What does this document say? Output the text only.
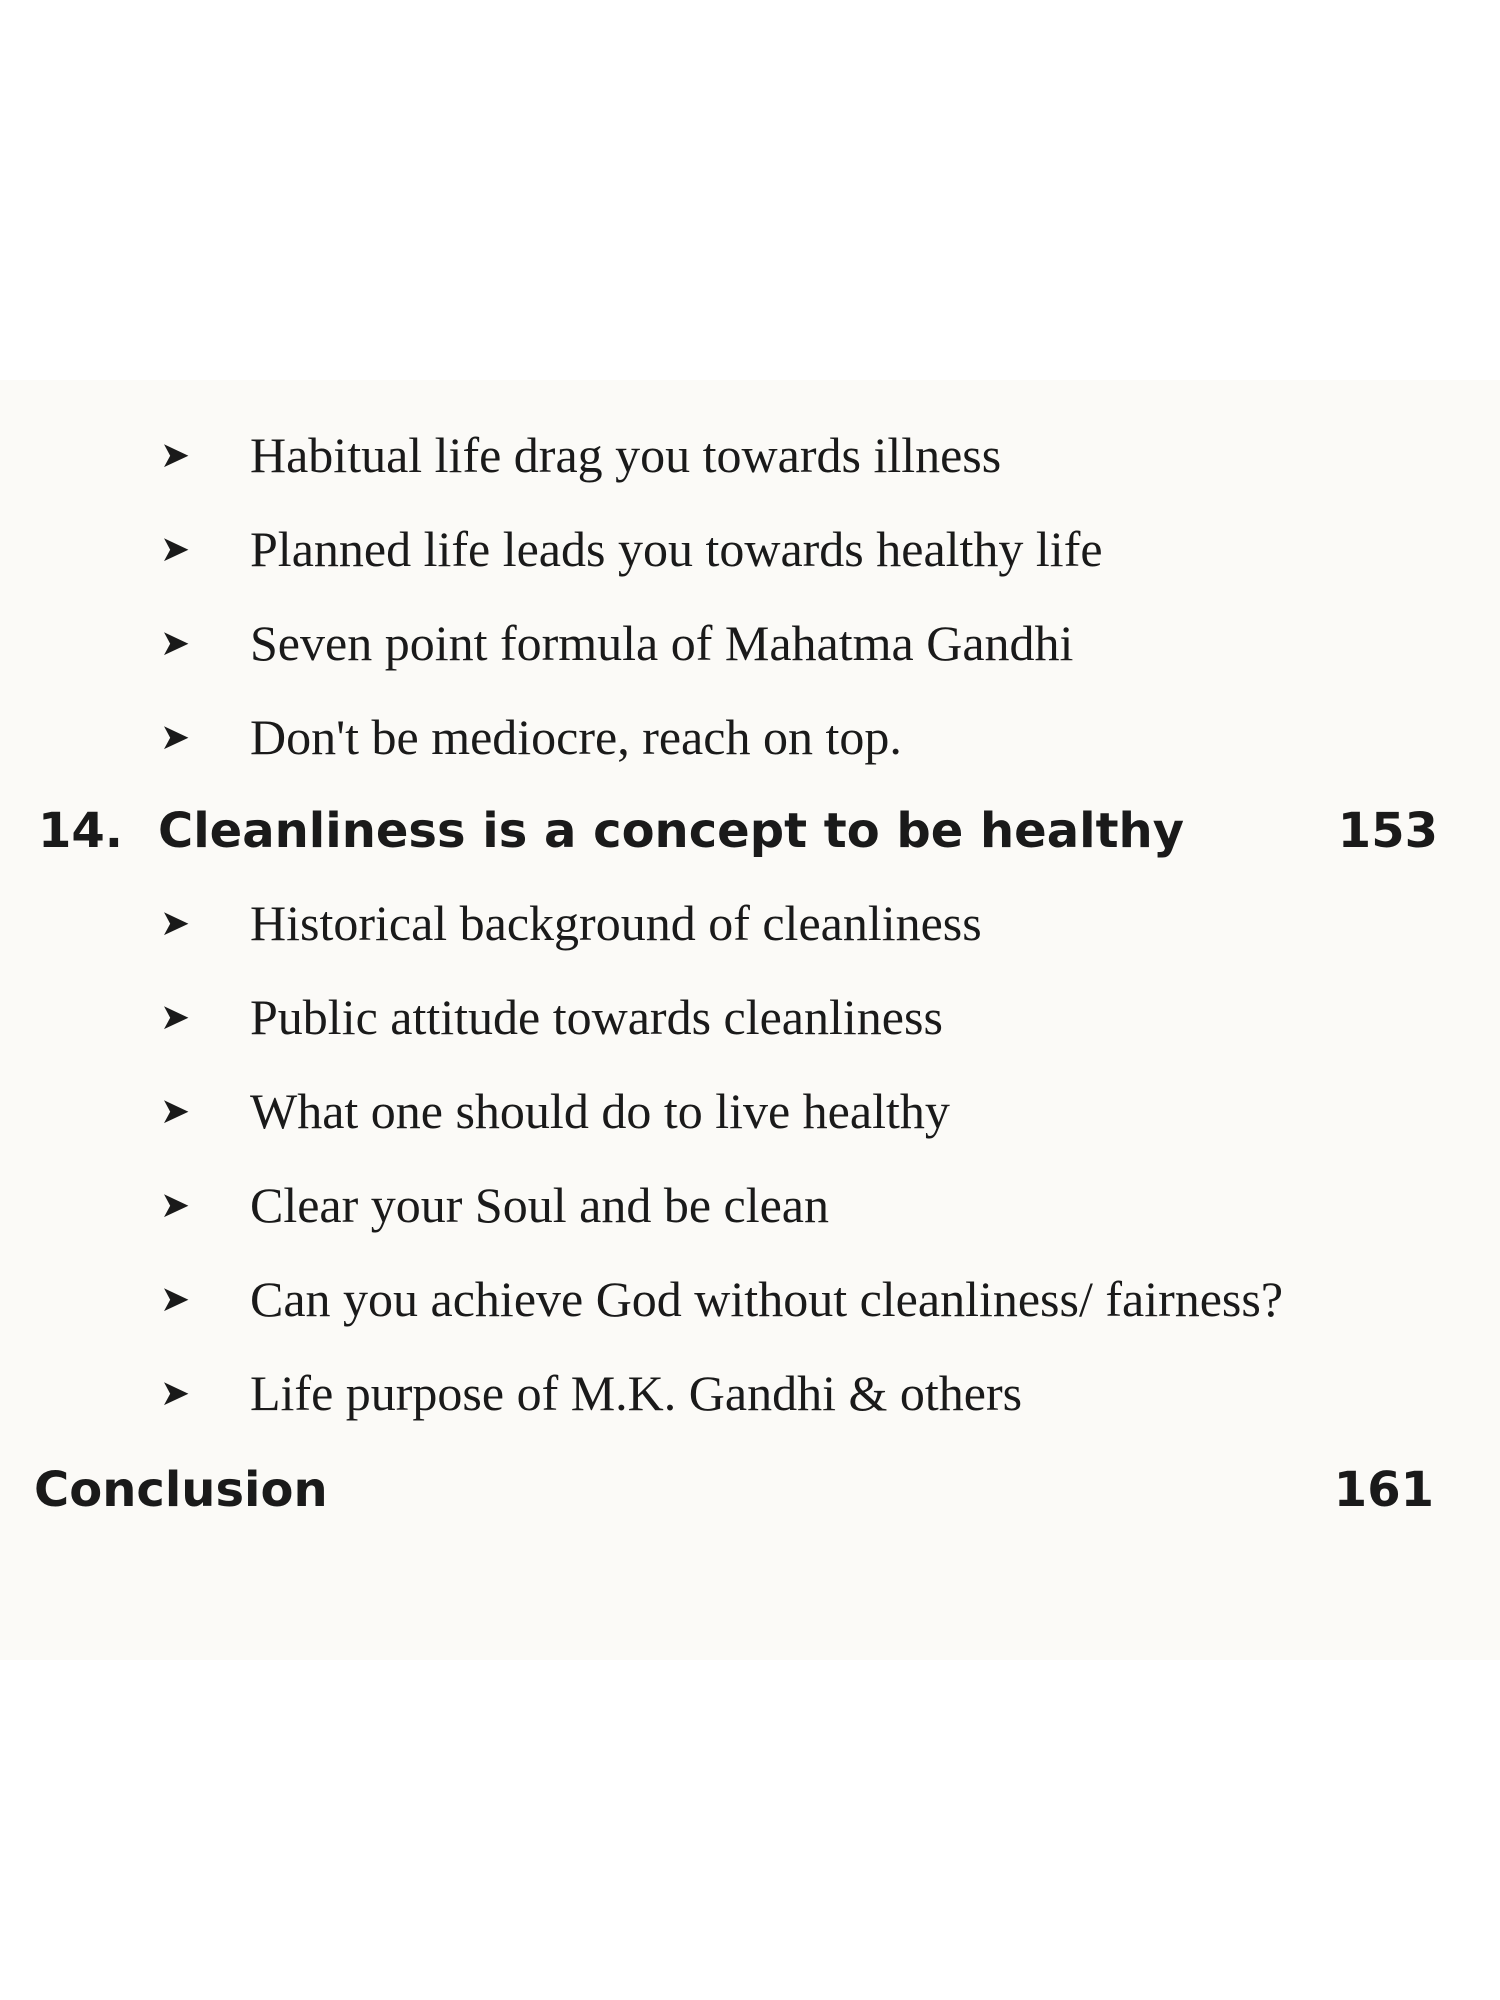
➤	Habitual life drag you towards illness
➤	Planned life leads you towards healthy life
➤	Seven point formula of Mahatma Gandhi
➤	Don't be mediocre, reach on top.
14. Cleanliness is a concept to be healthy	153
➤	Historical background of cleanliness
➤	Public attitude towards cleanliness
➤	What one should do to live healthy
➤	Clear your Soul and be clean
➤	Can you achieve God without cleanliness/ fairness?
➤	Life purpose of M.K. Gandhi & others
Conclusion	161
